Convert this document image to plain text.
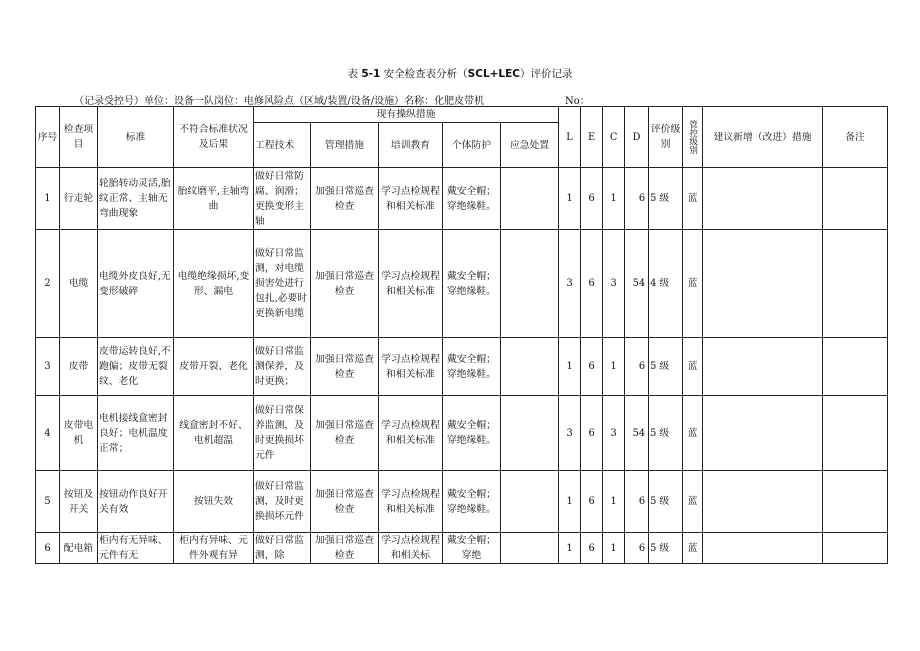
表 5-1 安全检查表分析（SCL+LEC）评价记录
（记录受控号）单位：设备一队岗位：电修风险点（区域/装置/设备/设施）名称：化肥皮带机	No：
序号	检查项目	标准	不符合标准状况及后果	现有操纵措施					L	E	C	D	评价级别	管控级别	建议新增（改进）措施	备注
				工程技术	管理措施	培训教育	个体防护	应急处置								
1	行走轮	轮胎转动灵活,胎纹正常、主轴无弯曲现象	胎纹磨平,主轴弯曲	做好日常防腐、润滑；更换变形主轴	加强日常巡查检查	学习点检规程和相关标准	戴安全帽；穿绝缘鞋。		1	6	1	6	5 级	蓝		
2	电缆	电缆外皮良好,无变形破碎	电缆绝缘损坏,变形、漏电	做好日常监测，对电缆损害处进行包扎,必要时更换新电缆	加强日常巡查检查	学习点检规程和相关标准	戴安全帽；穿绝缘鞋。		3	6	3	54	4 级	蓝		
3	皮带	皮带运转良好,不跑偏；皮带无裂纹、老化	皮带开裂、老化	做好日常监测保养，及时更换；	加强日常巡查检查	学习点检规程和相关标准	戴安全帽；穿绝缘鞋。		1	6	1	6	5 级	蓝		
4	皮带电机	电机接线盒密封良好；电机温度正常；	线盒密封不好、电机超温	做好日常保养监测，及时更换损坏元件	加强日常巡查检查	学习点检规程和相关标准	戴安全帽；穿绝缘鞋。		3	6	3	54	5 级	蓝		
5	按钮及开关	按钮动作良好开关有效	按钮失效	做好日常监测，及时更换损坏元件	加强日常巡查检查	学习点检规程和相关标准	戴安全帽；穿绝缘鞋。		1	6	1	6	5 级	蓝		
6	配电箱	柜内有无异味、元件有无	柜内有异味、元件外观有异	做好日常监测，除	加强日常巡查检查	学习点检规程和相关标	戴安全帽；穿绝		1	6	1	6	5 级	蓝		
